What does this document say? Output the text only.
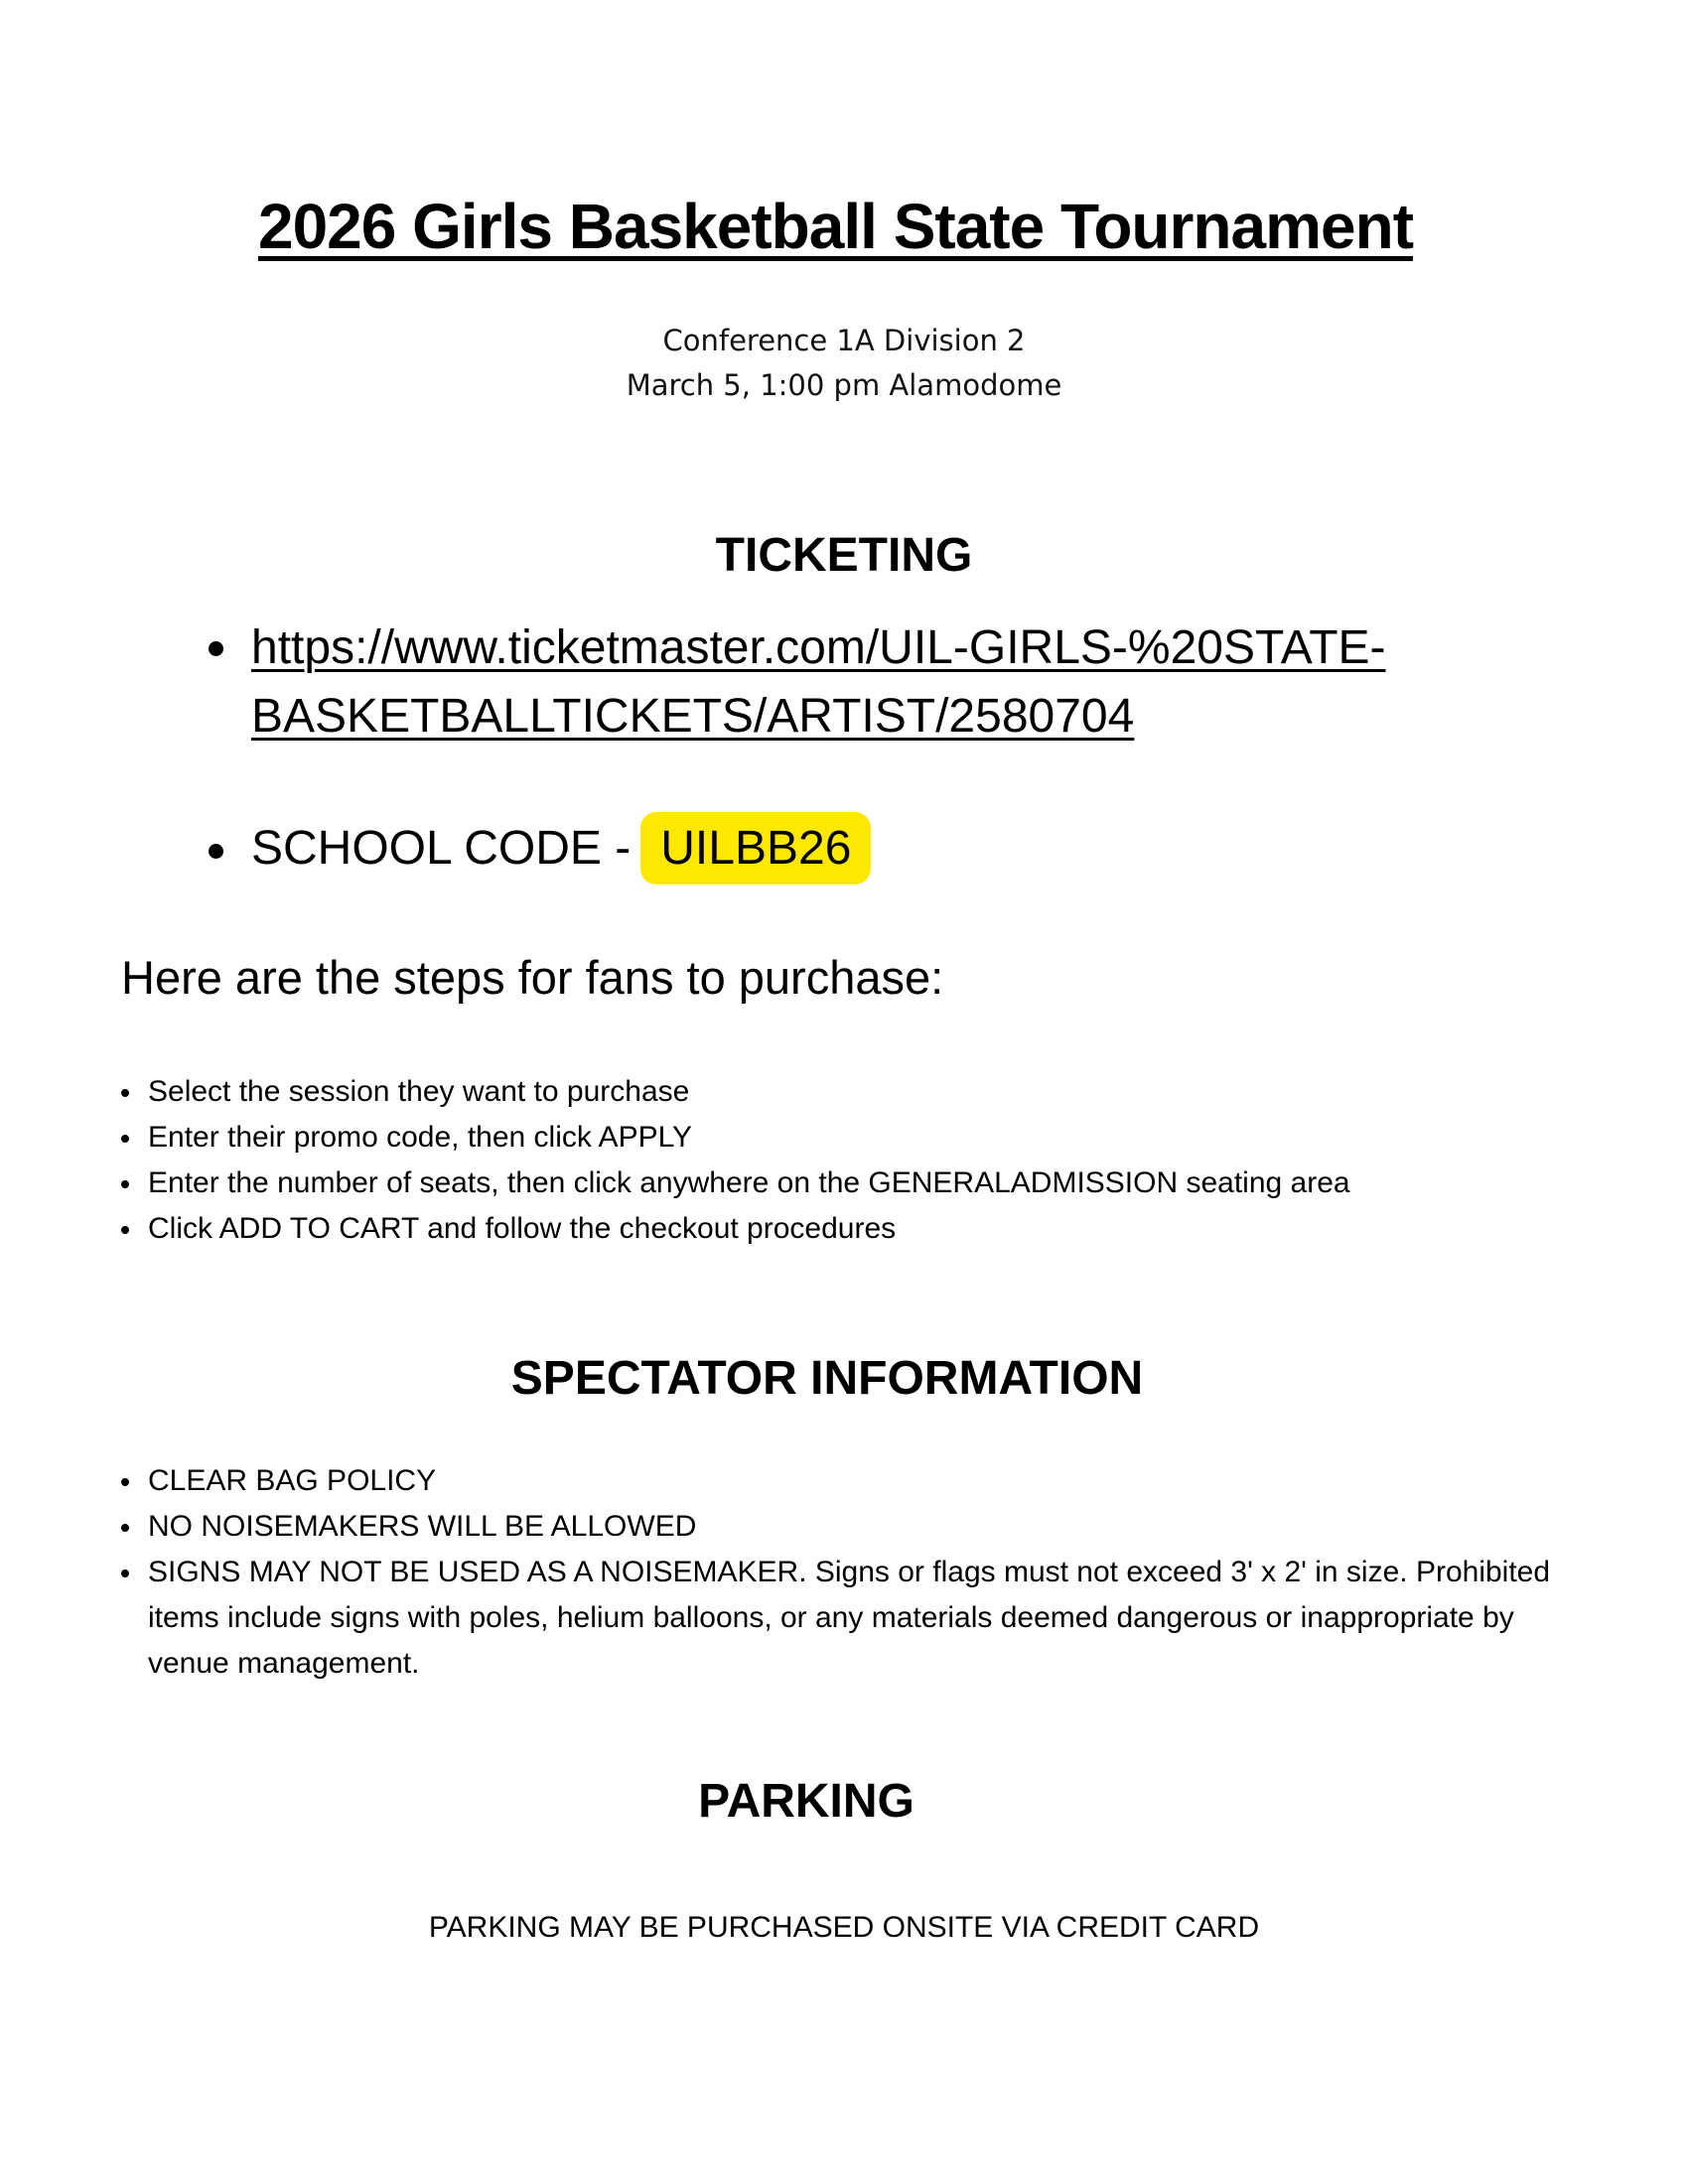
2026 Girls Basketball State Tournament
Conference 1A Division 2
March 5, 1:00 pm Alamodome
TICKETING
https://www.ticketmaster.com/UIL-GIRLS-%20STATE-
BASKETBALLTICKETS/ARTIST/2580704
SCHOOL CODE - UILBB26
Here are the steps for fans to purchase:
Select the session they want to purchase
Enter their promo code, then click APPLY
Enter the number of seats, then click anywhere on the GENERALADMISSION seating area
Click ADD TO CART and follow the checkout procedures
SPECTATOR INFORMATION
CLEAR BAG POLICY
NO NOISEMAKERS WILL BE ALLOWED
SIGNS MAY NOT BE USED AS A NOISEMAKER. Signs or flags must not exceed 3' x 2' in size. Prohibited items include signs with poles, helium balloons, or any materials deemed dangerous or inappropriate by venue management.
PARKING
PARKING MAY BE PURCHASED ONSITE VIA CREDIT CARD
